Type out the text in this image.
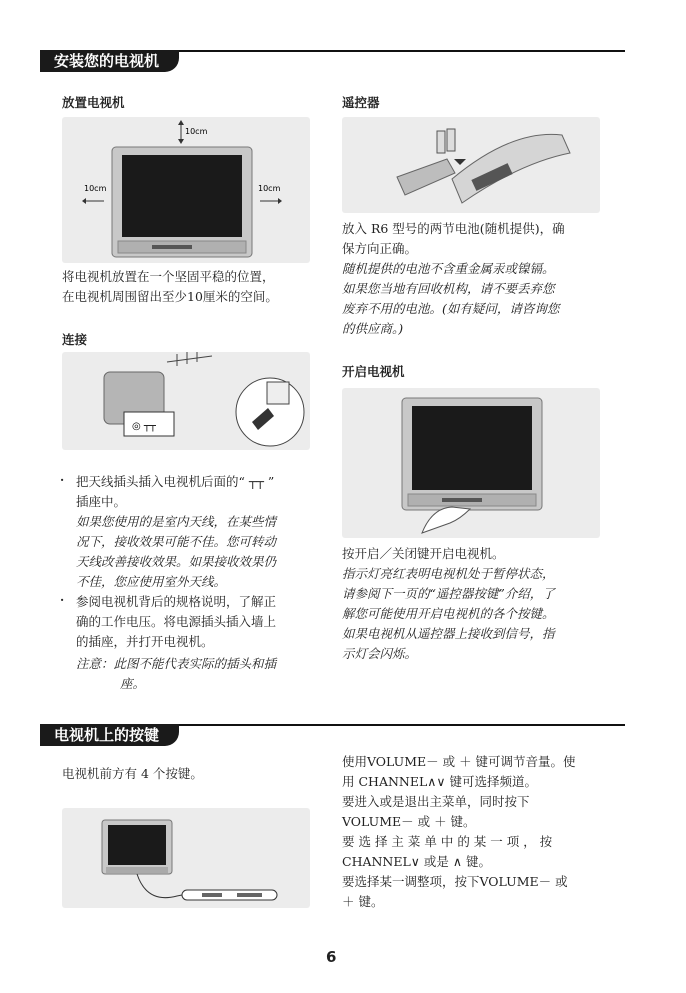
安装您的电视机
放置电视机
10cm
10cm	10cm
将电视机放置在一个坚固平稳的位置，
在电视机周围留出至少10厘米的空间。
连接
◎ ┬┬
. 把天线插头插入电视机后面的“ ┬┬ ”
插座中。
如果您使用的是室内天线，在某些情
况下，接收效果可能不佳。您可转动
天线改善接收效果。如果接收效果仍
不佳，您应使用室外天线。
. 参阅电视机背后的规格说明，了解正
确的工作电压。将电源插头插入墙上
的插座，并打开电视机。
注意：此图不能代表实际的插头和插
座。
遥控器
放入 R6 型号的两节电池(随机提供)，确
保方向正确。
随机提供的电池不含重金属汞或镍镉。
如果您当地有回收机构，请不要丢弃您
废弃不用的电池。(如有疑问，请咨询您
的供应商。)
开启电视机
按开启／关闭键开启电视机。
指示灯亮红表明电视机处于暂停状态，
请参阅下一页的“遥控器按键”介绍，了
解您可能使用开启电视机的各个按键。
如果电视机从遥控器上接收到信号，指
示灯会闪烁。
电视机上的按键
电视机前方有 4 个按键。
使用VOLUME－ 或 ＋ 键可调节音量。使
用 CHANNEL∧∨ 键可选择频道。
要进入或是退出主菜单，同时按下
VOLUME－ 或 ＋ 键。
要 选 择 主 菜 单 中 的 某 一 项 ， 按
CHANNEL∨ 或是 ∧ 键。
要选择某一调整项，按下VOLUME－ 或
＋ 键。
6
